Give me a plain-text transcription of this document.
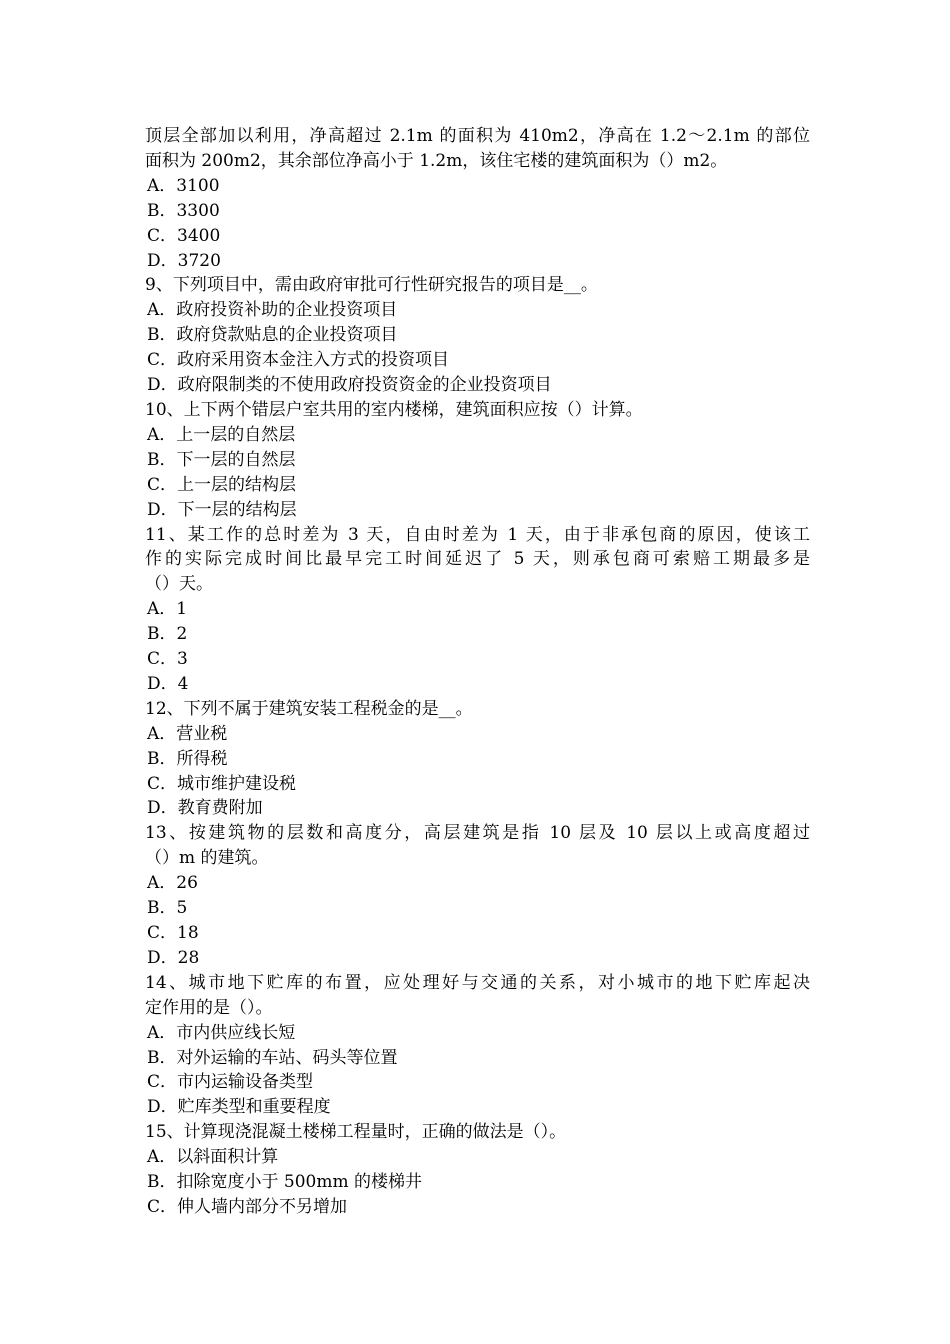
顶层全部加以利用，净高超过 2.1m 的面积为 410m2，净高在 1.2～2.1m 的部位
面积为 200m2，其余部位净高小于 1.2m，该住宅楼的建筑面积为（）m2。
A．3100
B．3300
C．3400
D．3720
9、下列项目中，需由政府审批可行性研究报告的项目是__。
A．政府投资补助的企业投资项目
B．政府贷款贴息的企业投资项目
C．政府采用资本金注入方式的投资项目
D．政府限制类的不使用政府投资资金的企业投资项目
10、上下两个错层户室共用的室内楼梯，建筑面积应按（）计算。
A．上一层的自然层
B．下一层的自然层
C．上一层的结构层
D．下一层的结构层
11、某工作的总时差为 3 天，自由时差为 1 天，由于非承包商的原因，使该工
作的实际完成时间比最早完工时间延迟了 5 天，则承包商可索赔工期最多是
（）天。
A．1
B．2
C．3
D．4
12、下列不属于建筑安装工程税金的是__。
A．营业税
B．所得税
C．城市维护建设税
D．教育费附加
13、按建筑物的层数和高度分，高层建筑是指 10 层及 10 层以上或高度超过
（）m 的建筑。
A．26
B．5
C．18
D．28
14、城市地下贮库的布置，应处理好与交通的关系，对小城市的地下贮库起决
定作用的是（）。
A．市内供应线长短
B．对外运输的车站、码头等位置
C．市内运输设备类型
D．贮库类型和重要程度
15、计算现浇混凝土楼梯工程量时，正确的做法是（）。
A．以斜面积计算
B．扣除宽度小于 500mm 的楼梯井
C．伸人墙内部分不另增加
